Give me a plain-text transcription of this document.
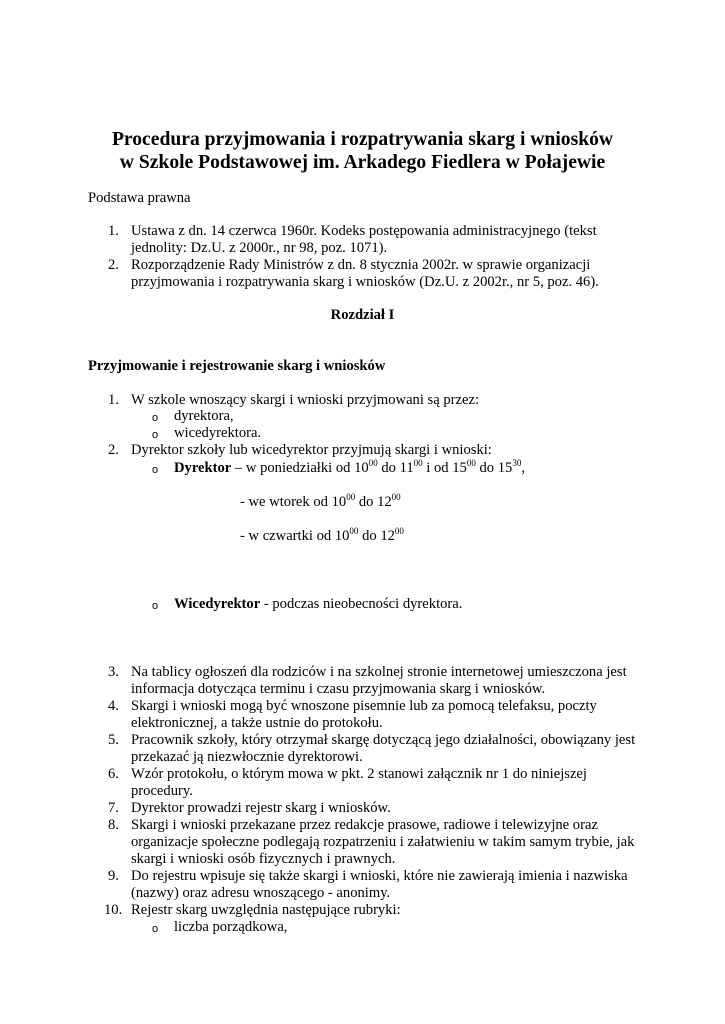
Procedura przyjmowania i rozpatrywania skarg i wniosków
w Szkole Podstawowej im. Arkadego Fiedlera w Połajewie
Podstawa prawna
1. Ustawa z dn. 14 czerwca 1960r. Kodeks postępowania administracyjnego (tekst
jednolity: Dz.U. z 2000r., nr 98, poz. 1071).
2. Rozporządzenie Rady Ministrów z dn. 8 stycznia 2002r. w sprawie organizacji
przyjmowania i rozpatrywania skarg i wniosków (Dz.U. z 2002r., nr 5, poz. 46).
Rozdział I
Przyjmowanie i rejestrowanie skarg i wniosków
1. W szkole wnoszący skargi i wnioski przyjmowani są przez:
o dyrektora,
o wicedyrektora.
2. Dyrektor szkoły lub wicedyrektor przyjmują skargi i wnioski:
o Dyrektor – w poniedziałki od $10^{00}$ do $11^{00}$ i od $15^{00}$ do $15^{30}$,
- we wtorek od $10^{00}$ do $12^{00}$
- w czwartki od $10^{00}$ do $12^{00}$
o Wicedyrektor - podczas nieobecności dyrektora.
3. Na tablicy ogłoszeń dla rodziców i na szkolnej stronie internetowej umieszczona jest
informacja dotycząca terminu i czasu przyjmowania skarg i wniosków.
4. Skargi i wnioski mogą być wnoszone pisemnie lub za pomocą telefaksu, poczty
elektronicznej, a także ustnie do protokołu.
5. Pracownik szkoły, który otrzymał skargę dotyczącą jego działalności, obowiązany jest
przekazać ją niezwłocznie dyrektorowi.
6. Wzór protokołu, o którym mowa w pkt. 2 stanowi załącznik nr 1 do niniejszej
procedury.
7. Dyrektor prowadzi rejestr skarg i wniosków.
8. Skargi i wnioski przekazane przez redakcje prasowe, radiowe i telewizyjne oraz
organizacje społeczne podlegają rozpatrzeniu i załatwieniu w takim samym trybie, jak
skargi i wnioski osób fizycznych i prawnych.
9. Do rejestru wpisuje się także skargi i wnioski, które nie zawierają imienia i nazwiska
(nazwy) oraz adresu wnoszącego - anonimy.
10. Rejestr skarg uwzględnia następujące rubryki:
o liczba porządkowa,
